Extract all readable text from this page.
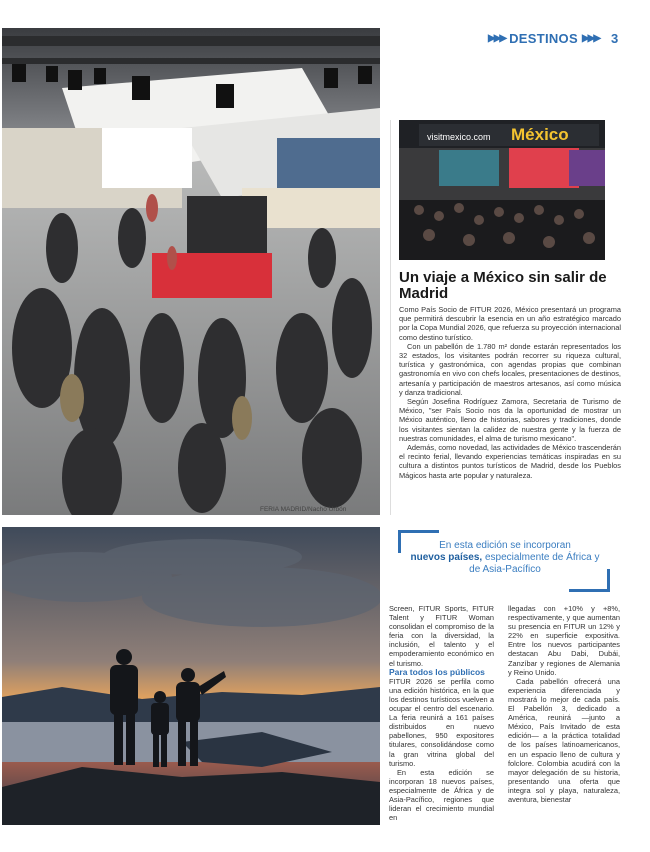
▶▶▶ DESTINOS ▶▶▶ 3
FERIA MADRID/Nacho Urbón
visitmexico.com México
Un viaje a México sin salir de Madrid

Como País Socio de FITUR 2026, México presentará un programa que permitirá descubrir la esencia en un año estratégico marcado por la Copa Mundial 2026, que refuerza su proyección internacional como destino turístico.

Con un pabellón de 1.780 m² donde estarán representados los 32 estados, los visitantes podrán recorrer su riqueza cultural, turística y gastronómica, con agendas propias que combinan gastronomía en vivo con chefs locales, presentaciones de destinos, artesanía y participación de maestros artesanos, así como música y danza tradicional.

Según Josefina Rodríguez Zamora, Secretaria de Turismo de México, "ser País Socio nos da la oportunidad de mostrar un México auténtico, lleno de historias, sabores y tradiciones, donde los visitantes sientan la calidez de nuestra gente y la fuerza de nuestras comunidades, el alma de turismo mexicano".

Además, como novedad, las actividades de México trascenderán el recinto ferial, llevando experiencias temáticas inspiradas en su cultura a distintos puntos turísticos de Madrid, desde los Pueblos Mágicos hasta arte popular y naturaleza.

En esta edición se incorporan
nuevos países, especialmente de África y de Asia-Pacífico

Screen, FITUR Sports, FITUR Talent y FITUR Woman consolidan el compromiso de la feria con la diversidad, la inclusión, el talento y el empoderamiento económico en el turismo.

Para todos los públicos

FITUR 2026 se perfila como una edición histórica, en la que los destinos turísticos vuelven a ocupar el centro del escenario. La feria reunirá a 161 países distribuidos en nuevo pabellones, 950 expositores titulares, consolidándose como la gran vitrina global del turismo.

En esta edición se incorporan 18 nuevos países, especialmente de África y de Asia-Pacífico, regiones que lideran el crecimiento mundial en

llegadas con +10% y +8%, respectivamente, y que aumentan su presencia en FITUR un 12% y 22% en superficie expositiva. Entre los nuevos participantes destacan Abu Dabi, Dubái, Zanzíbar y regiones de Alemania y Reino Unido.

Cada pabellón ofrecerá una experiencia diferenciada y mostrará lo mejor de cada país. El Pabellón 3, dedicado a América, reunirá —junto a México, País Invitado de esta edición— a la práctica totalidad de los países latinoamericanos, en un espacio lleno de cultura y folclore. Colombia acudirá con la mayor delegación de su historia, presentando una oferta que integra sol y playa, naturaleza, aventura, bienestar
